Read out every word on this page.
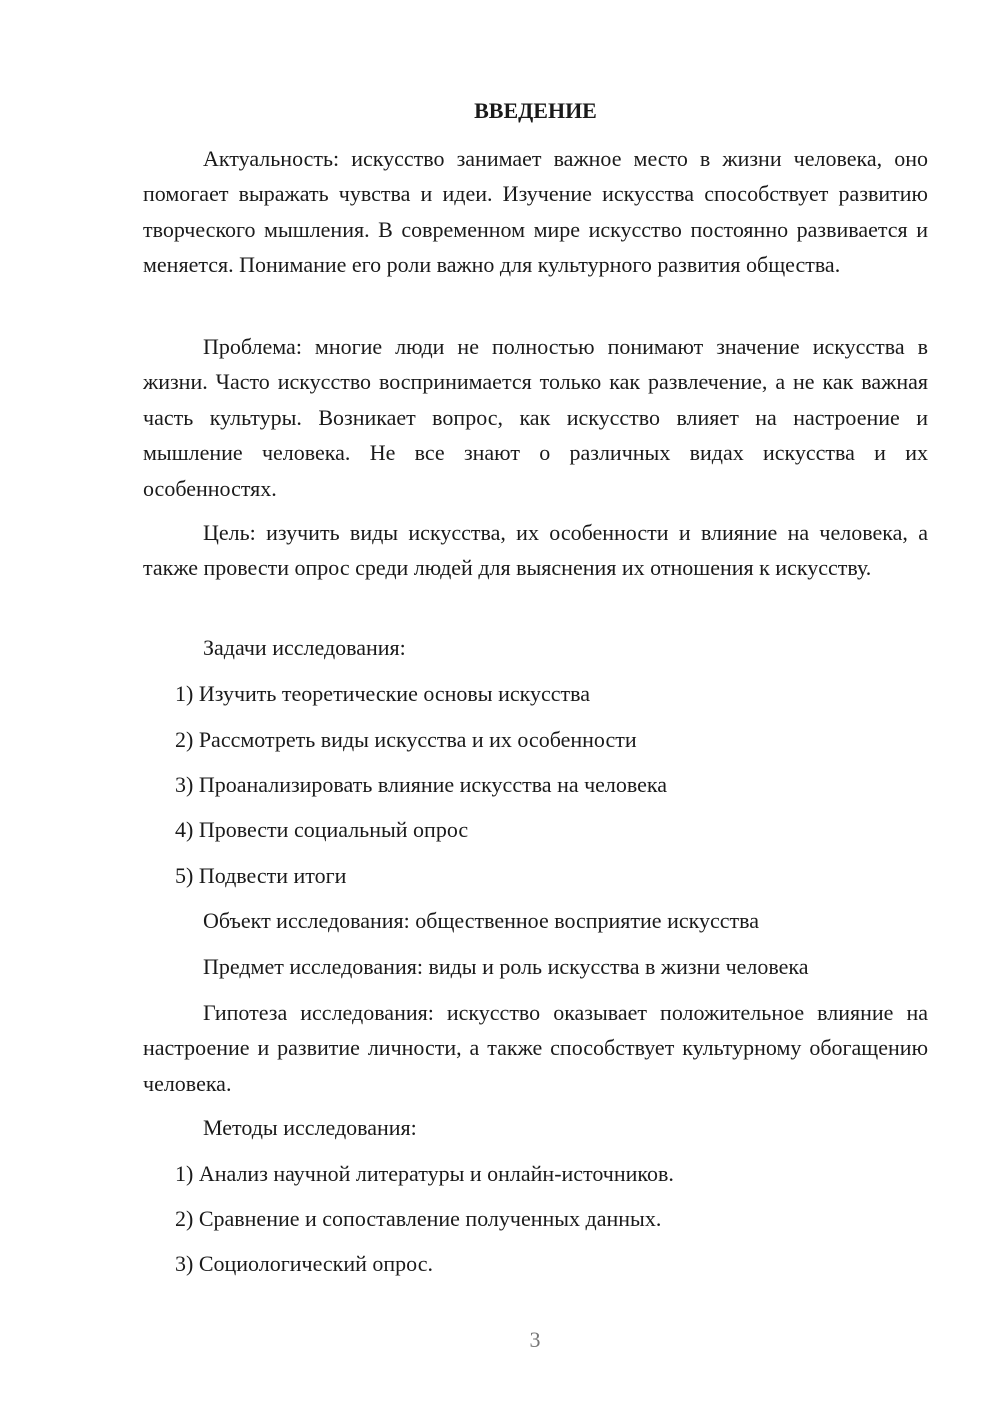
ВВЕДЕНИЕ

Актуальность: искусство занимает важное место в жизни человека, оно помогает выражать чувства и идеи. Изучение искусства способствует развитию творческого мышления. В современном мире искусство постоянно развивается и меняется. Понимание его роли важно для культурного развития общества.

Проблема: многие люди не полностью понимают значение искусства в жизни. Часто искусство воспринимается только как развлечение, а не как важная часть культуры. Возникает вопрос, как искусство влияет на настроение и мышление человека. Не все знают о различных видах искусства и их особенностях.

Цель: изучить виды искусства, их особенности и влияние на человека, а также провести опрос среди людей для выяснения их отношения к искусству.

Задачи исследования:
1) Изучить теоретические основы искусства
2) Рассмотреть виды искусства и их особенности
3) Проанализировать влияние искусства на человека
4) Провести социальный опрос
5) Подвести итоги
Объект исследования: общественное восприятие искусства
Предмет исследования: виды и роль искусства в жизни человека

Гипотеза исследования: искусство оказывает положительное влияние на настроение и развитие личности, а также способствует культурному обогащению человека.

Методы исследования:
1) Анализ научной литературы и онлайн-источников.
2) Сравнение и сопоставление полученных данных.
3) Социологический опрос.
3
